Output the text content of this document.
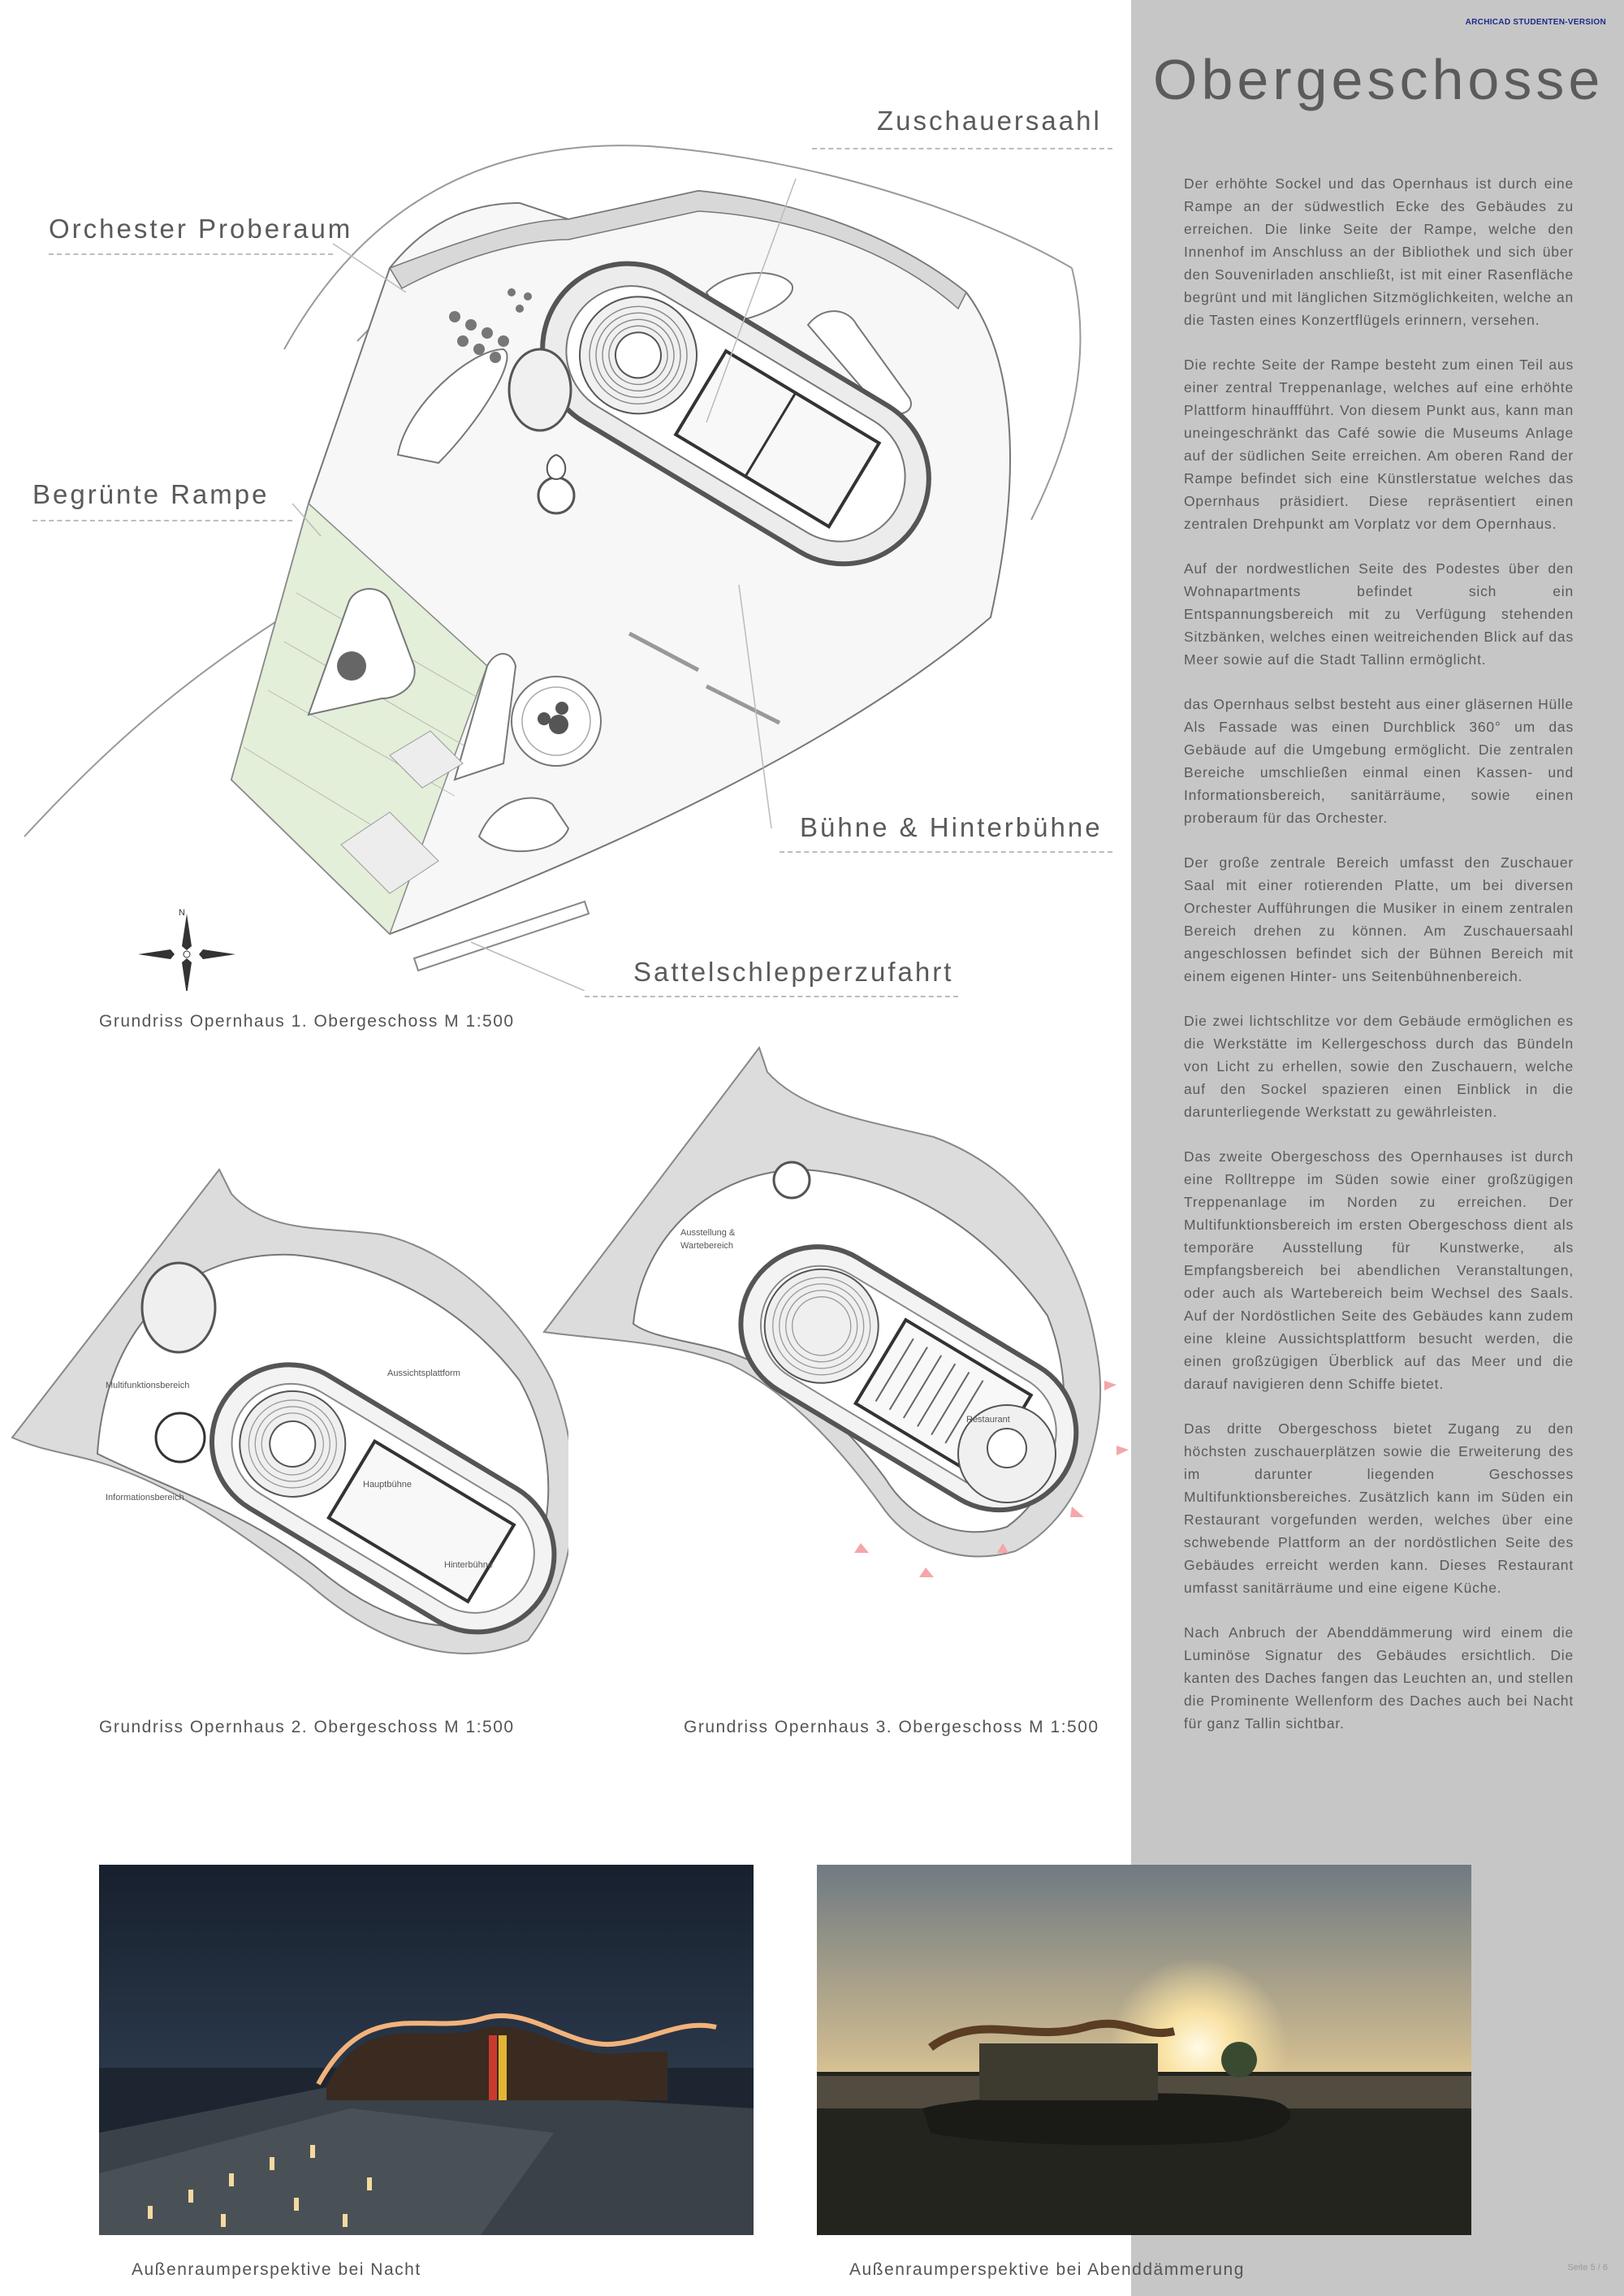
ARCHICAD STUDENTEN-VERSION
Obergeschosse

Der erhöhte Sockel und das Opernhaus ist durch eine Rampe an der südwestlich Ecke des Gebäudes zu erreichen. Die linke Seite der Rampe, welche den Innenhof im Anschluss an der Bibliothek und sich über den Souvenirladen anschließt, ist mit einer Rasenfläche begrünt und mit länglichen Sitzmöglichkeiten, welche an die Tasten eines Konzertflügels erinnern, versehen.

Die rechte Seite der Rampe besteht zum einen Teil aus einer zentral Treppenanlage, welches auf eine erhöhte Plattform hinauffführt. Von diesem Punkt aus, kann man uneingeschränkt das Café sowie die Museums Anlage auf der südlichen Seite erreichen. Am oberen Rand der Rampe befindet sich eine Künstlerstatue welches das Opernhaus präsidiert. Diese repräsentiert einen zentralen Drehpunkt am Vorplatz vor dem Opernhaus.

Auf der nordwestlichen Seite des Podestes über den Wohnapartments befindet sich ein Entspannungsbereich mit zu Verfügung stehenden Sitzbänken, welches einen weitreichenden Blick auf das Meer sowie auf die Stadt Tallinn ermöglicht.

das Opernhaus selbst besteht aus einer gläsernen Hülle Als Fassade was einen Durchblick 360° um das Gebäude auf die Umgebung ermöglicht. Die zentralen Bereiche umschließen einmal einen Kassen- und Informationsbereich, sanitärräume, sowie einen proberaum für das Orchester.

Der große zentrale Bereich umfasst den Zuschauer Saal mit einer rotierenden Platte, um bei diversen Orchester Aufführungen die Musiker in einem zentralen Bereich drehen zu können. Am Zuschauersaahl angeschlossen befindet sich der Bühnen Bereich mit einem eigenen Hinter- uns Seitenbühnenbereich.

Die zwei lichtschlitze vor dem Gebäude ermöglichen es die Werkstätte im Kellergeschoss durch das Bündeln von Licht zu erhellen, sowie den Zuschauern, welche auf den Sockel spazieren einen Einblick in die darunterliegende Werkstatt zu gewährleisten.

Das zweite Obergeschoss des Opernhauses ist durch eine Rolltreppe im Süden sowie einer großzügigen Treppenanlage im Norden zu erreichen. Der Multifunktionsbereich im ersten Obergeschoss dient als temporäre Ausstellung für Kunstwerke, als Empfangsbereich bei abendlichen Veranstaltungen, oder auch als Wartebereich beim Wechsel des Saals. Auf der Nordöstlichen Seite des Gebäudes kann zudem eine kleine Aussichtsplattform besucht werden, die einen großzügigen Überblick auf das Meer und die darauf navigieren denn Schiffe bietet.

Das dritte Obergeschoss bietet Zugang zu den höchsten zuschauerplätzen sowie die Erweiterung des im darunter liegenden Geschosses Multifunktionsbereiches. Zusätzlich kann im Süden ein Restaurant vorgefunden werden, welches über eine schwebende Plattform an der nordöstlichen Seite des Gebäudes erreicht werden kann. Dieses Restaurant umfasst sanitärräume und eine eigene Küche.

Nach Anbruch der Abenddämmerung wird einem die Luminöse Signatur des Gebäudes ersichtlich. Die kanten des Daches fangen das Leuchten an, und stellen die Prominente Wellenform des Daches auch bei Nacht für ganz Tallin sichtbar.

Seite 5 / 6
N
Zuschauersaahl
Orchester Proberaum
Begrünte Rampe
Bühne & Hinterbühne
Sattelschlepperzufahrt
Grundriss Opernhaus 1. Obergeschoss M 1:500
Multifunktionsbereich
Informationsbereich
Aussichtsplattform
Hauptbühne
Hinterbühne
Grundriss Opernhaus 2. Obergeschoss M 1:500
Ausstellung &
Wartebereich
Restaurant
Grundriss Opernhaus 3. Obergeschoss M 1:500
Außenraumperspektive bei Nacht	Außenraumperspektive bei Abenddämmerung
